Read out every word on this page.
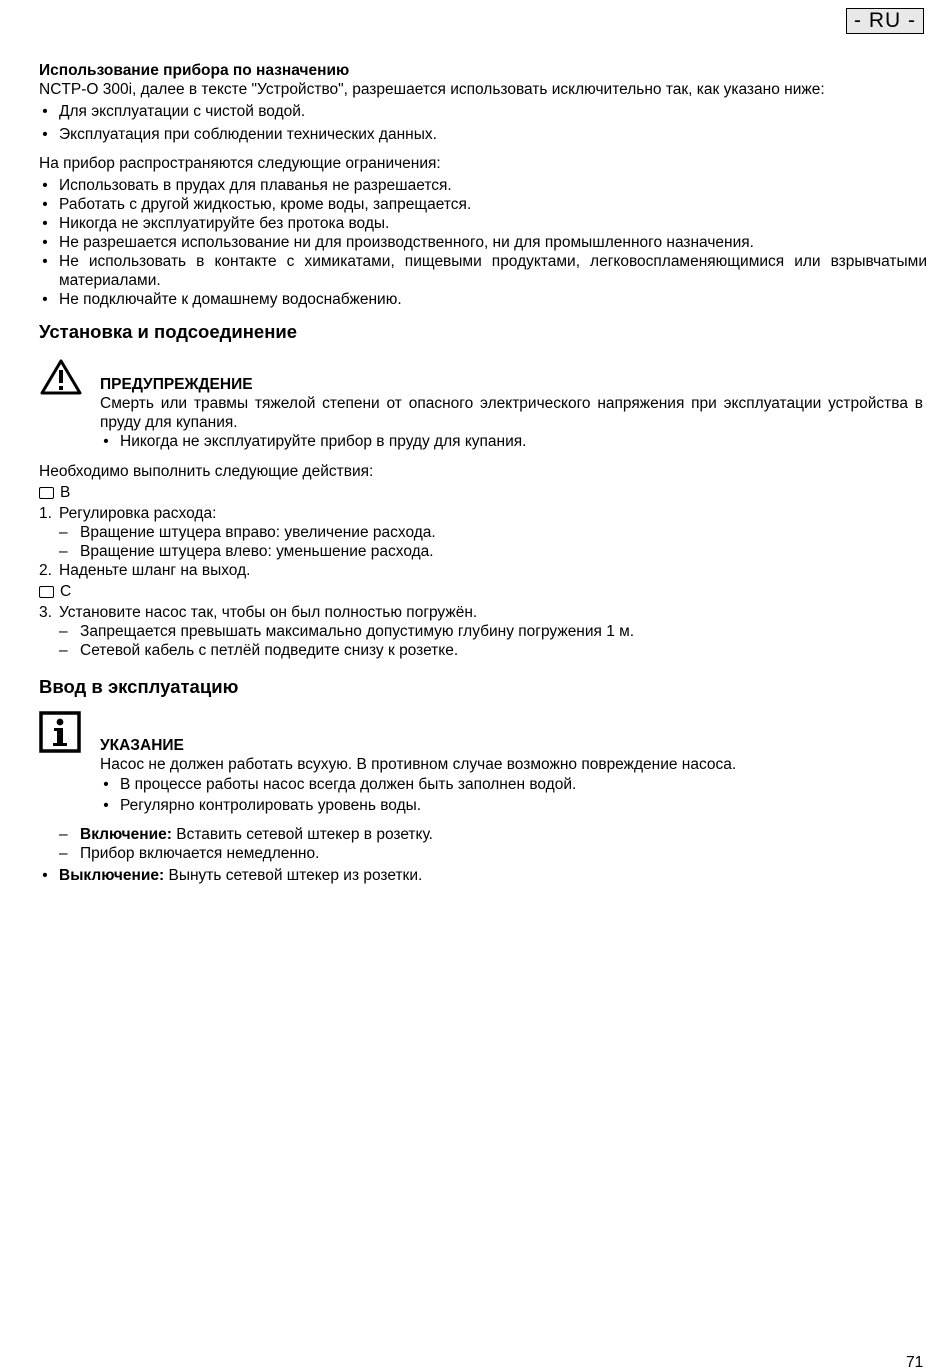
- RU -

Использование прибора по назначению

NCTP-O 300i, далее в тексте "Устройство", разрешается использовать исключительно так, как указано ниже:

• Для эксплуатации с чистой водой.
• Эксплуатация при соблюдении технических данных.

На прибор распространяются следующие ограничения:

• Использовать в прудах для плаванья не разрешается.
• Работать с другой жидкостью, кроме воды, запрещается.
• Никогда не эксплуатируйте без протока воды.
• Не разрешается использование ни для производственного, ни для промышленного назначения.
• Не использовать в контакте с химикатами, пищевыми продуктами, легковоспламеняющимися или взрывчатыми материалами.
• Не подключайте к домашнему водоснабжению.
Установка и подсоединение

ПРЕДУПРЕЖДЕНИЕ

Смерть или травмы тяжелой степени от опасного электрического напряжения при эксплуатации устройства в пруду для купания.

• Никогда не эксплуатируйте прибор в пруду для купания.

Необходимо выполнить следующие действия:

B
1. Регулировка расхода:
– Вращение штуцера вправо: увеличение расхода.
– Вращение штуцера влево: уменьшение расхода.
2. Наденьте шланг на выход.
C
3. Установите насос так, чтобы он был полностью погружён.
– Запрещается превышать максимально допустимую глубину погружения 1 м.
– Сетевой кабель с петлёй подведите снизу к розетке.
Ввод в эксплуатацию

УКАЗАНИЕ

Насос не должен работать всухую. В противном случае возможно повреждение насоса.

• В процессе работы насос всегда должен быть заполнен водой.
• Регулярно контролировать уровень воды.
– Включение: Вставить сетевой штекер в розетку.
– Прибор включается немедленно.
• Выключение: Вынуть сетевой штекер из розетки.
71
